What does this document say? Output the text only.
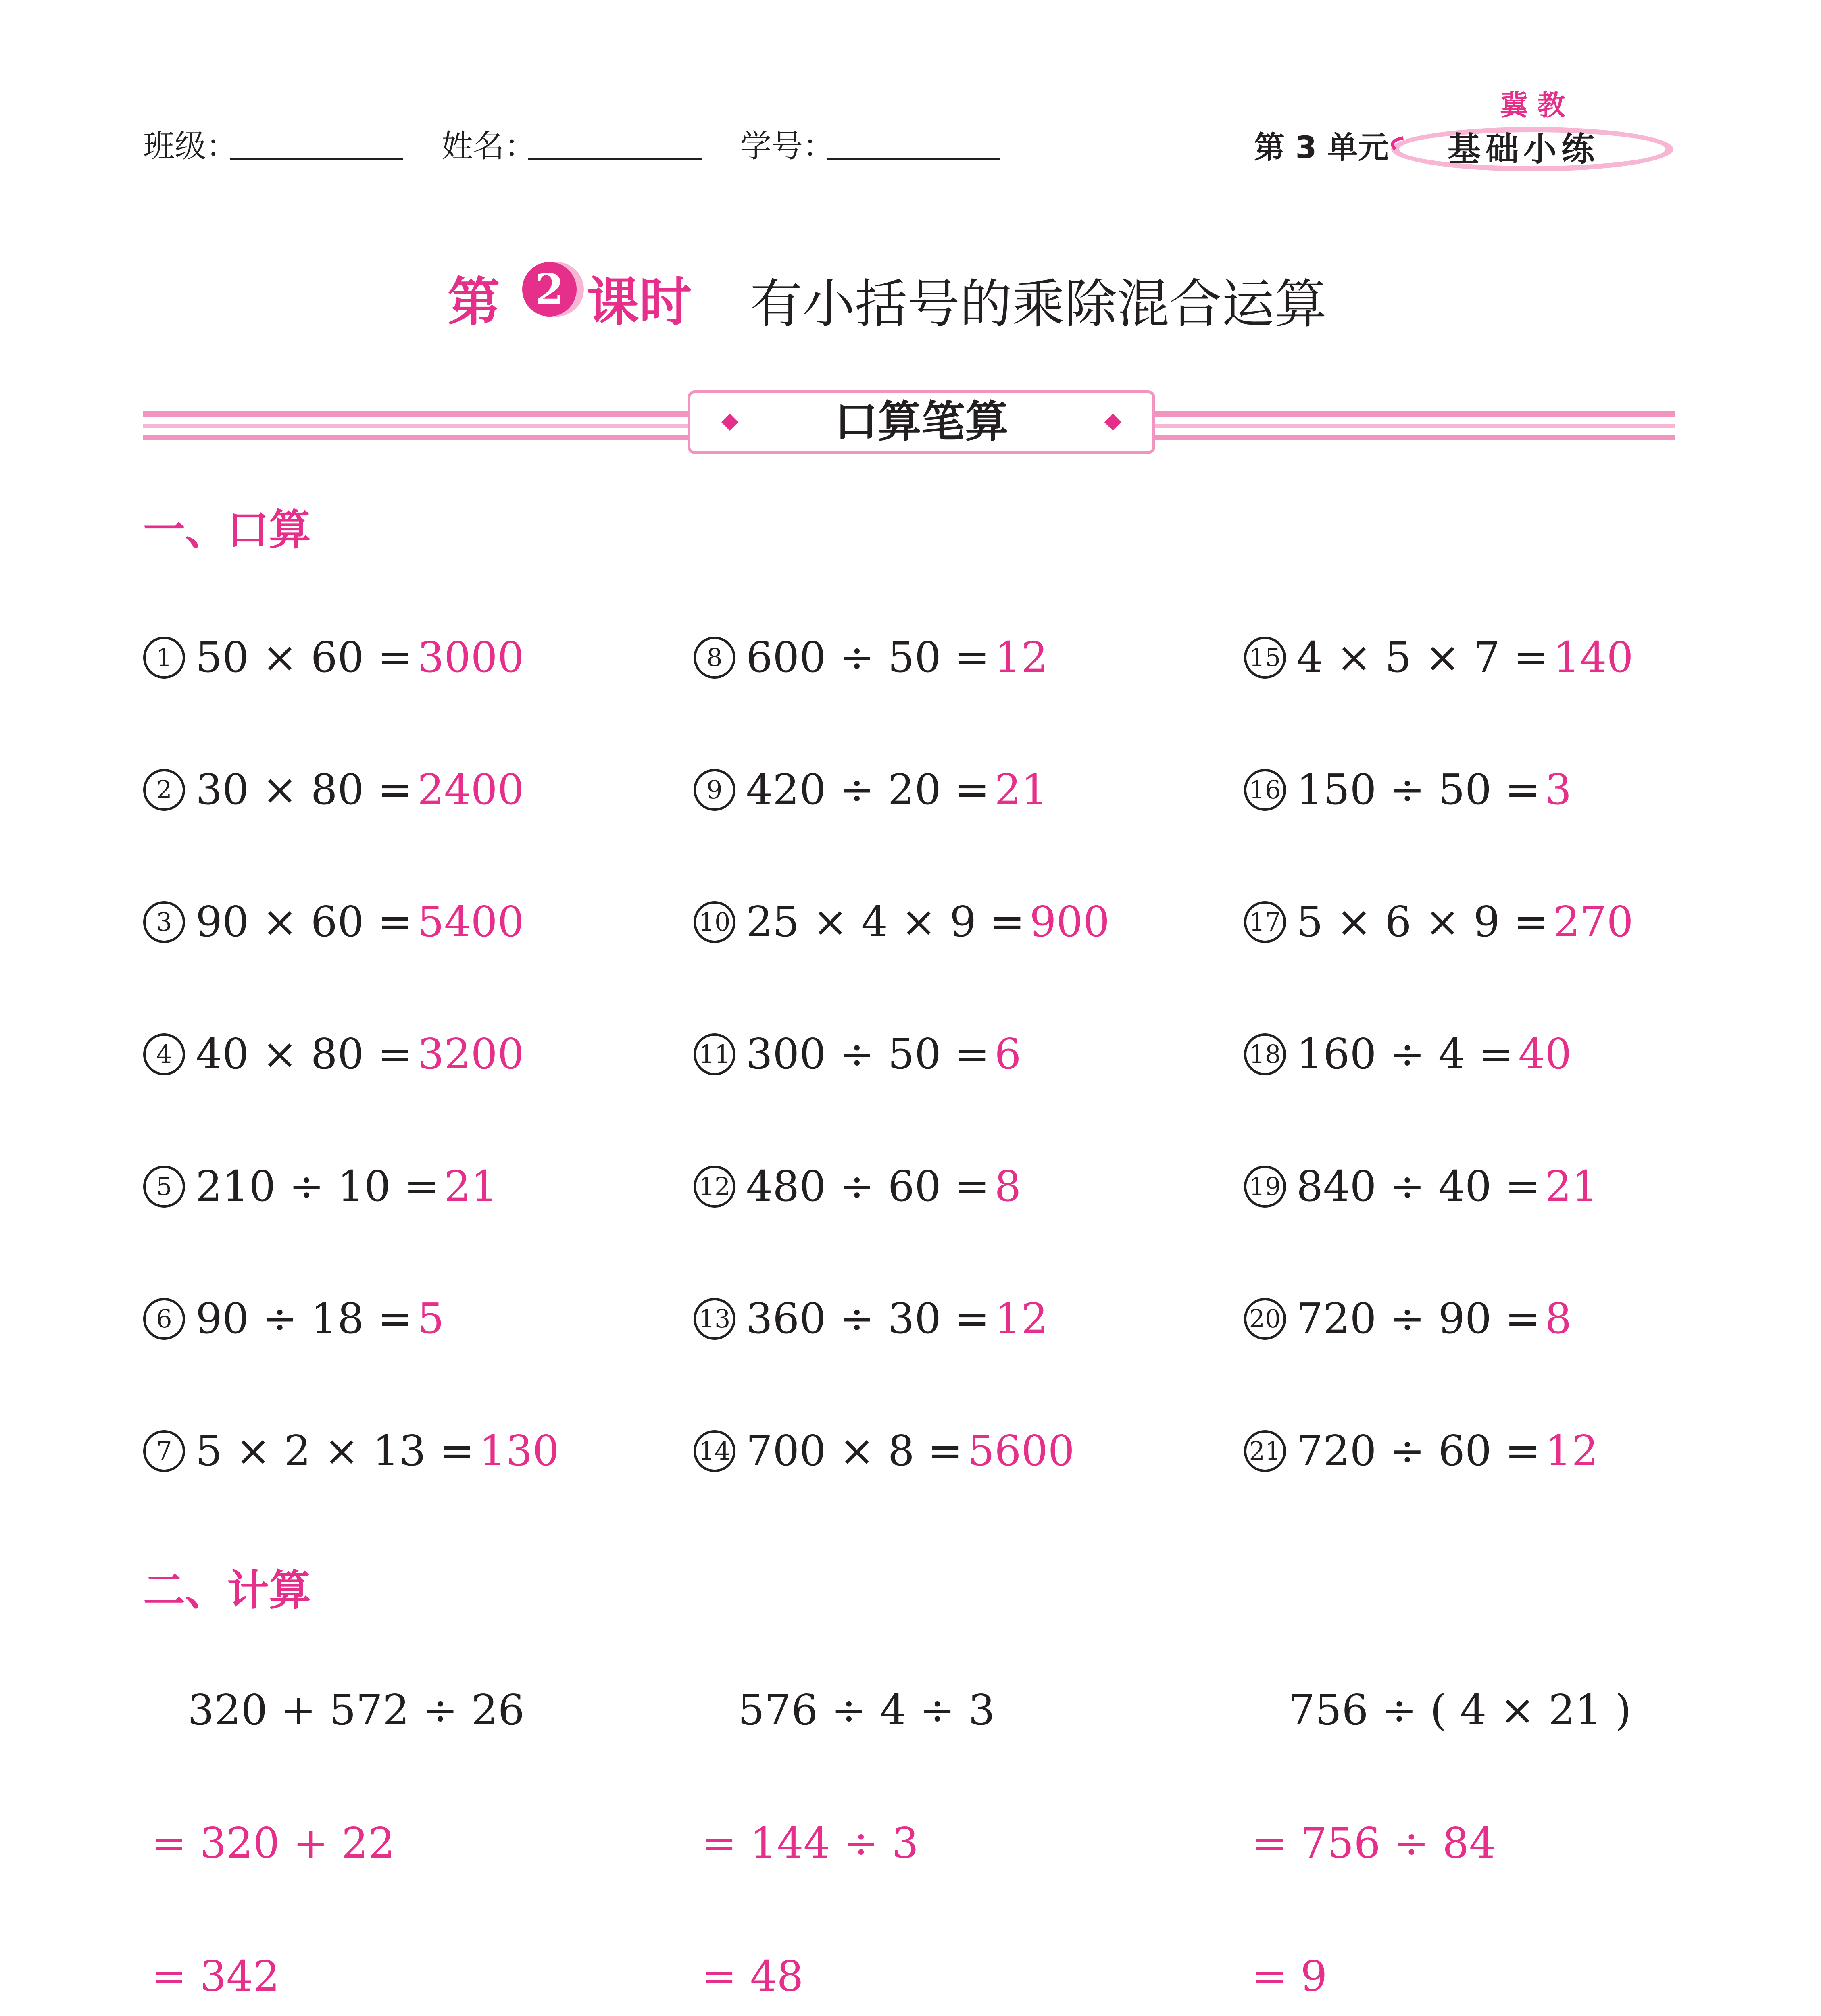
班级：	姓名：	学号：	第 3 单元
冀教
基础小练
第 2 课时 有小括号的乘除混合运算
口算笔算
一、口算
1 50 × 60 = 3000
2 30 × 80 = 2400
3 90 × 60 = 5400
4 40 × 80 = 3200
5 210 ÷ 10 = 21
6 90 ÷ 18 = 5
7 5 × 2 × 13 = 130
8 600 ÷ 50 = 12
9 420 ÷ 20 = 21
10 25 × 4 × 9 = 900
11 300 ÷ 50 = 6
12 480 ÷ 60 = 8
13 360 ÷ 30 = 12
14 700 × 8 = 5600
15 4 × 5 × 7 = 140
16 150 ÷ 50 = 3
17 5 × 6 × 9 = 270
18 160 ÷ 4 = 40
19 840 ÷ 40 = 21
20 720 ÷ 90 = 8
21 720 ÷ 60 = 12
二、计算
320 + 572 ÷ 26
= 320 + 22
= 342
576 ÷ 4 ÷ 3
= 144 ÷ 3
= 48
756 ÷ ( 4 × 21 )
= 756 ÷ 84
= 9
